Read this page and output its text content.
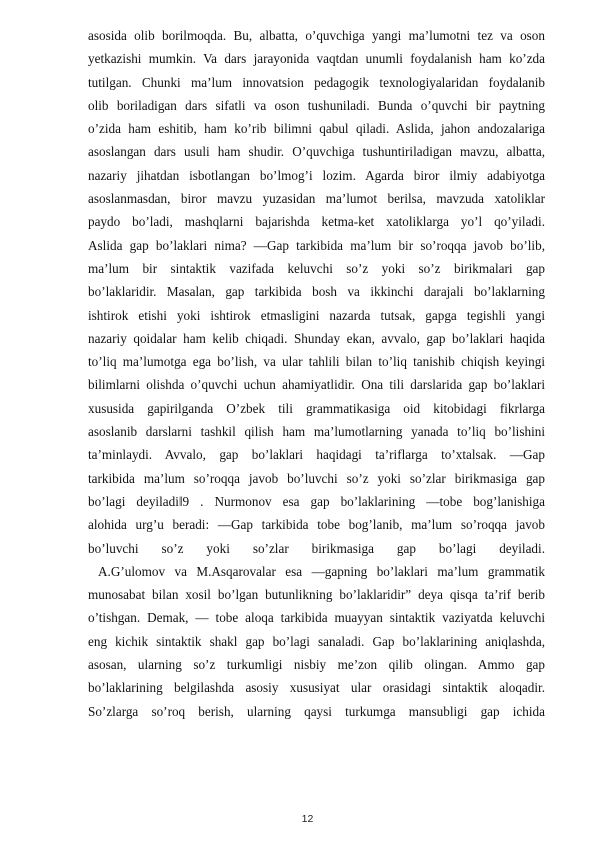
asosida olib borilmoqda. Bu, albatta, o’quvchiga yangi ma’lumotni tez va oson
yetkazishi mumkin. Va dars jarayonida vaqtdan unumli foydalanish ham ko’zda
tutilgan. Chunki ma’lum innovatsion pedagogik texnologiyalaridan foydalanib
olib boriladigan dars sifatli va oson tushuniladi. Bunda o’quvchi bir paytning
o’zida ham eshitib, ham ko’rib bilimni qabul qiladi. Aslida, jahon andozalariga
asoslangan dars usuli ham shudir. O’quvchiga tushuntiriladigan mavzu, albatta,
nazariy jihatdan isbotlangan bo’lmog’i lozim. Agarda biror ilmiy adabiyotga
asoslanmasdan, biror mavzu yuzasidan ma’lumot berilsa, mavzuda xatoliklar
paydo bo’ladi, mashqlarni bajarishda ketma-ket xatoliklarga yo’l qo’yiladi.
Aslida gap bo’laklari nima? ―Gap tarkibida ma’lum bir so’roqqa javob bo’lib,
ma’lum bir sintaktik vazifada keluvchi so’z yoki so’z birikmalari gap
bo’laklaridir. Masalan, gap tarkibida bosh va ikkinchi darajali bo’laklarning
ishtirok etishi yoki ishtirok etmasligini nazarda tutsak, gapga tegishli yangi
nazariy qoidalar ham kelib chiqadi. Shunday ekan, avvalo, gap bo’laklari haqida
to’liq ma’lumotga ega bo’lish, va ular tahlili bilan to’liq tanishib chiqish keyingi
bilimlarni olishda o’quvchi uchun ahamiyatlidir. Ona tili darslarida gap bo’laklari
xususida gapirilganda O’zbek tili grammatikasiga oid kitobidagi fikrlarga
asoslanib darslarni tashkil qilish ham ma’lumotlarning yanada to’liq bo’lishini
ta’minlaydi. Avvalo, gap bo’laklari haqidagi ta’riflarga to’xtalsak. ―Gap
tarkibida ma’lum so’roqqa javob bo’luvchi so’z yoki so’zlar birikmasiga gap
bo’lagi deyiladi‖9 . Nurmonov esa gap bo’laklarining ―tobe bog’lanishiga
alohida urg’u beradi: ―Gap tarkibida tobe bog’lanib, ma’lum so’roqqa javob
bo’luvchi so’z yoki so’zlar birikmasiga gap bo’lagi deyiladi.
A.G’ulomov va M.Asqarovalar esa ―gapning bo’laklari ma’lum grammatik
munosabat bilan xosil bo’lgan butunlikning bo’laklaridir” deya qisqa ta’rif berib
o’tishgan. Demak, ― tobe aloqa tarkibida muayyan sintaktik vaziyatda keluvchi
eng kichik sintaktik shakl gap bo’lagi sanaladi. Gap bo’laklarining aniqlashda,
asosan, ularning so’z turkumligi nisbiy me’zon qilib olingan. Ammo gap
bo’laklarining belgilashda asosiy xususiyat ular orasidagi sintaktik aloqadir.
So’zlarga so’roq berish, ularning qaysi turkumga mansubligi gap ichida
12
